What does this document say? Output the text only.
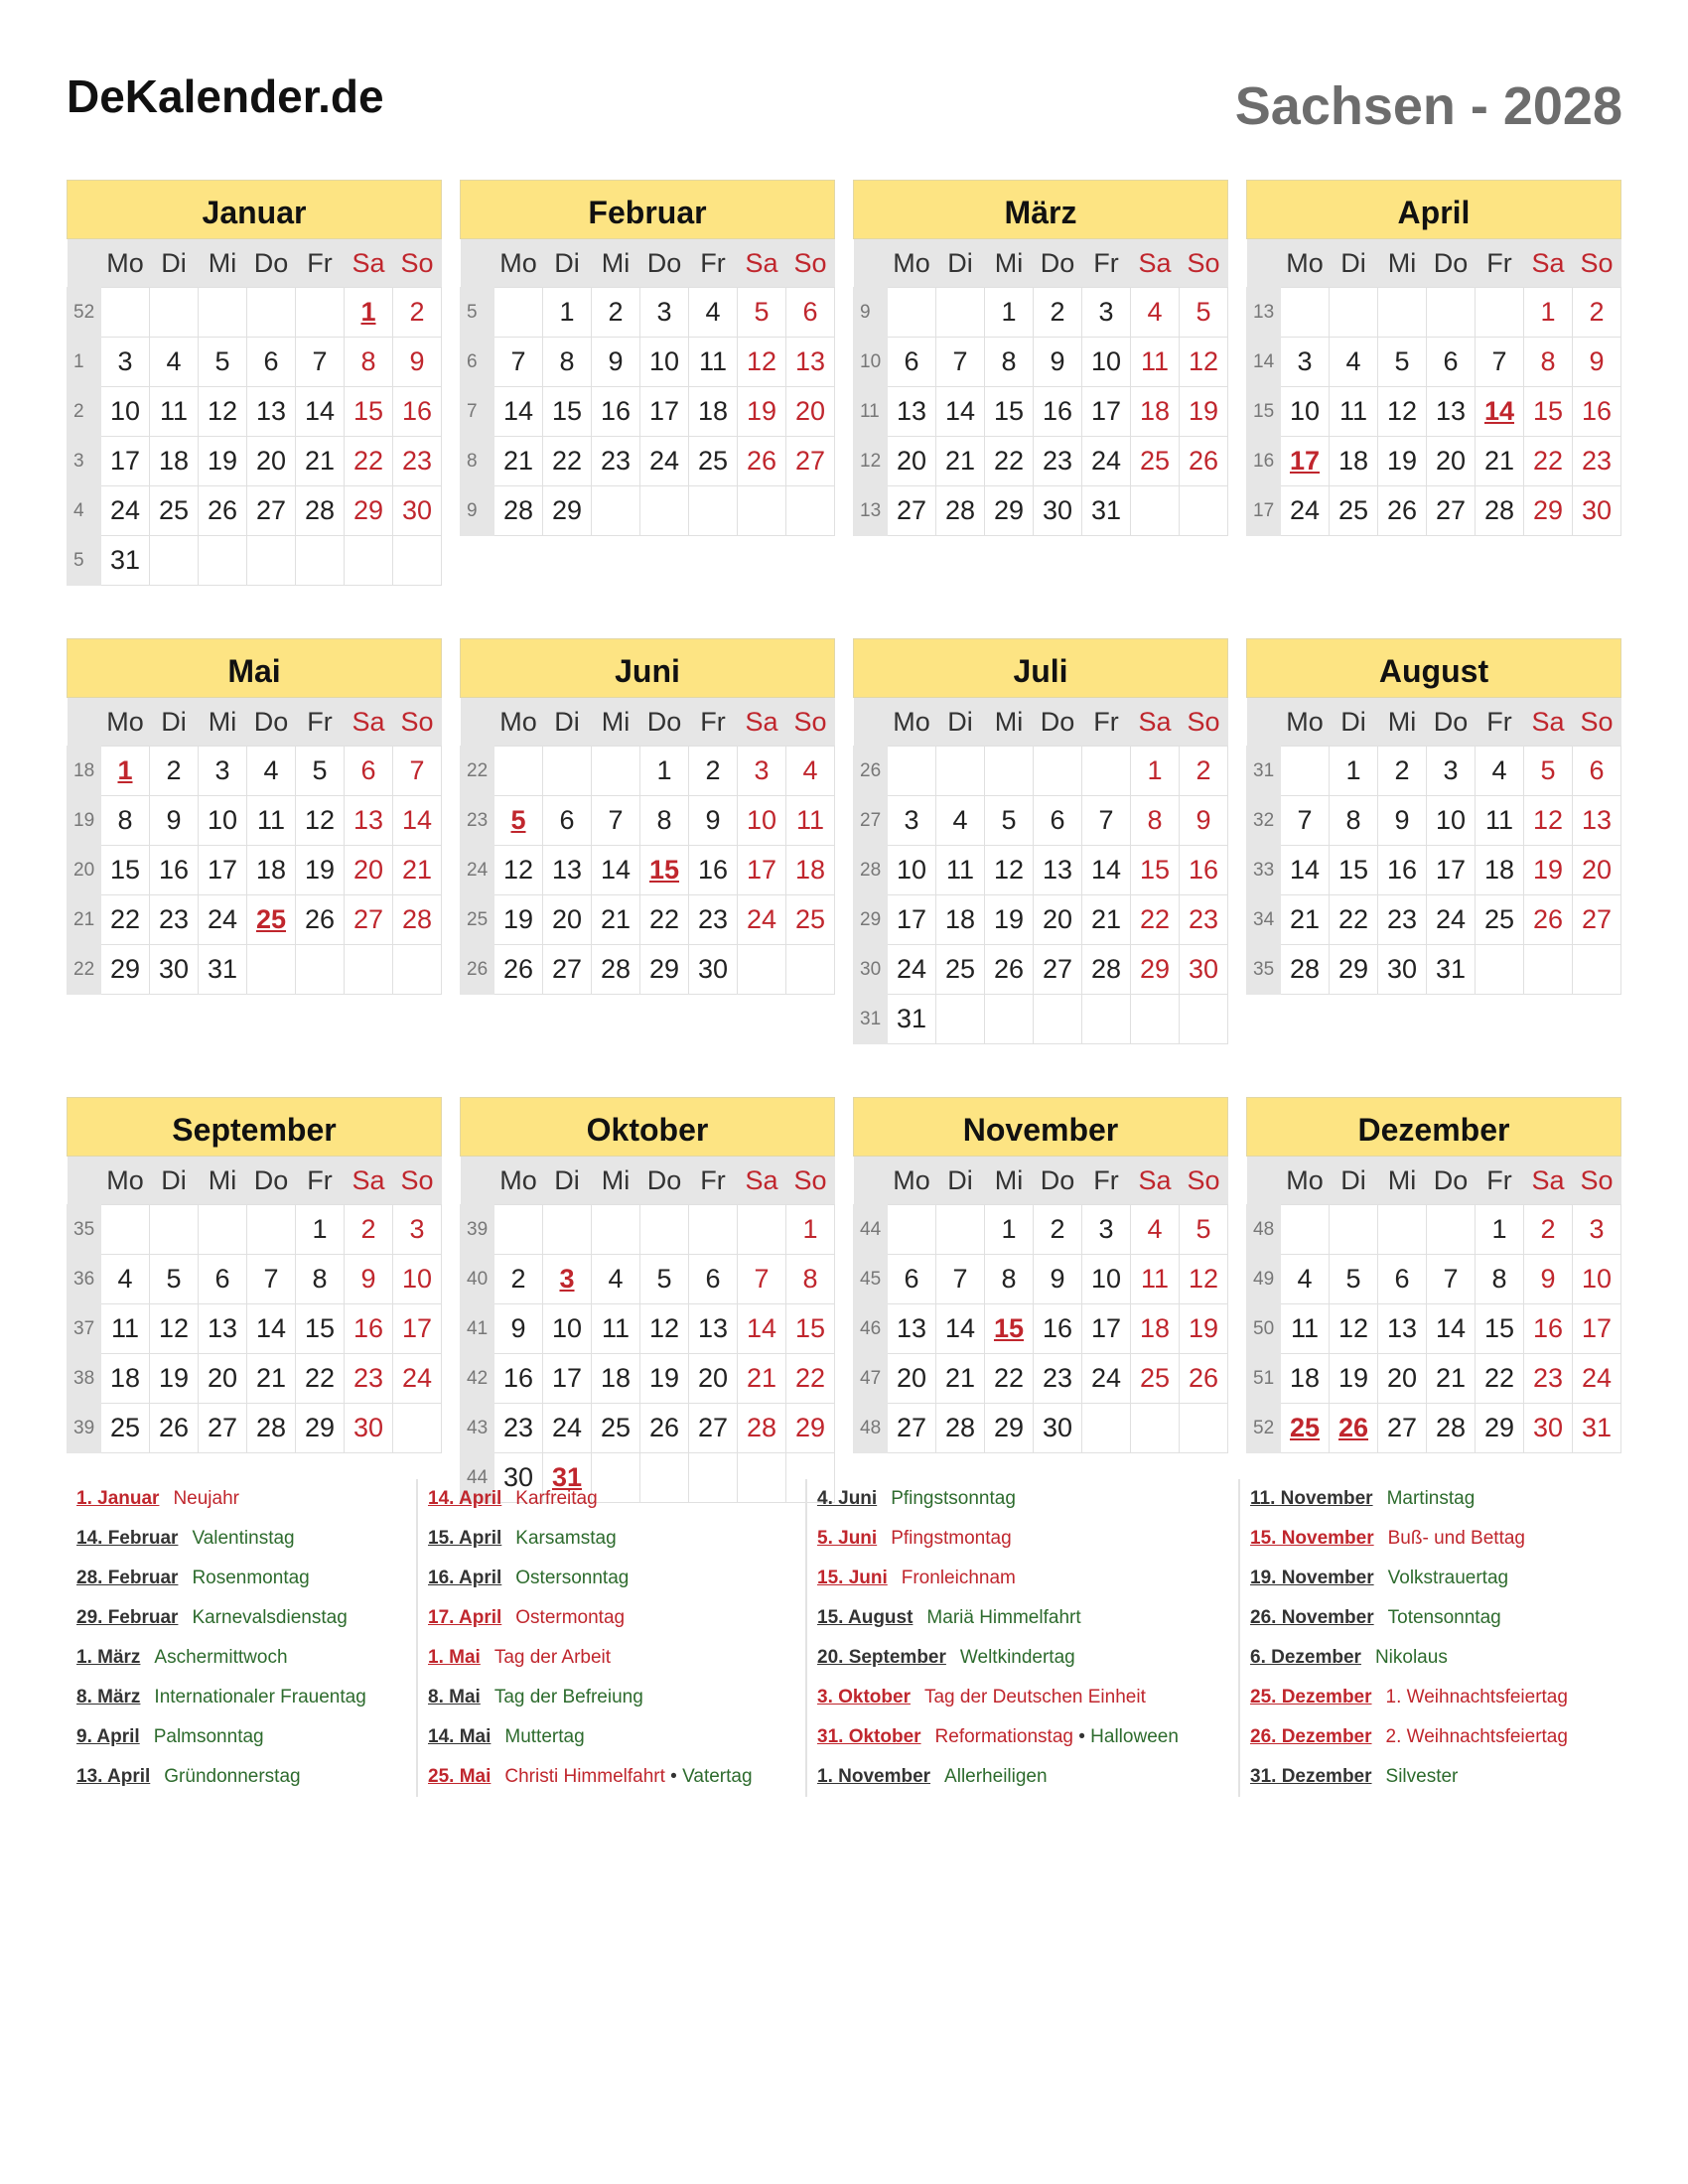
DeKalender.de	Sachsen - 2028
Januar
	Mo	Di	Mi	Do	Fr	Sa	So
52						1	2
1	3	4	5	6	7	8	9
2	10	11	12	13	14	15	16
3	17	18	19	20	21	22	23
4	24	25	26	27	28	29	30
5	31						
Februar
	Mo	Di	Mi	Do	Fr	Sa	So
5		1	2	3	4	5	6
6	7	8	9	10	11	12	13
7	14	15	16	17	18	19	20
8	21	22	23	24	25	26	27
9	28	29					
März
	Mo	Di	Mi	Do	Fr	Sa	So
9			1	2	3	4	5
10	6	7	8	9	10	11	12
11	13	14	15	16	17	18	19
12	20	21	22	23	24	25	26
13	27	28	29	30	31		
April
	Mo	Di	Mi	Do	Fr	Sa	So
13						1	2
14	3	4	5	6	7	8	9
15	10	11	12	13	14	15	16
16	17	18	19	20	21	22	23
17	24	25	26	27	28	29	30
Mai
	Mo	Di	Mi	Do	Fr	Sa	So
18	1	2	3	4	5	6	7
19	8	9	10	11	12	13	14
20	15	16	17	18	19	20	21
21	22	23	24	25	26	27	28
22	29	30	31				
Juni
	Mo	Di	Mi	Do	Fr	Sa	So
22				1	2	3	4
23	5	6	7	8	9	10	11
24	12	13	14	15	16	17	18
25	19	20	21	22	23	24	25
26	26	27	28	29	30		
Juli
	Mo	Di	Mi	Do	Fr	Sa	So
26						1	2
27	3	4	5	6	7	8	9
28	10	11	12	13	14	15	16
29	17	18	19	20	21	22	23
30	24	25	26	27	28	29	30
31	31						
August
	Mo	Di	Mi	Do	Fr	Sa	So
31		1	2	3	4	5	6
32	7	8	9	10	11	12	13
33	14	15	16	17	18	19	20
34	21	22	23	24	25	26	27
35	28	29	30	31			
September
	Mo	Di	Mi	Do	Fr	Sa	So
35					1	2	3
36	4	5	6	7	8	9	10
37	11	12	13	14	15	16	17
38	18	19	20	21	22	23	24
39	25	26	27	28	29	30	
Oktober
	Mo	Di	Mi	Do	Fr	Sa	So
39							1
40	2	3	4	5	6	7	8
41	9	10	11	12	13	14	15
42	16	17	18	19	20	21	22
43	23	24	25	26	27	28	29
44	30	31					
November
	Mo	Di	Mi	Do	Fr	Sa	So
44			1	2	3	4	5
45	6	7	8	9	10	11	12
46	13	14	15	16	17	18	19
47	20	21	22	23	24	25	26
48	27	28	29	30			
Dezember
	Mo	Di	Mi	Do	Fr	Sa	So
48					1	2	3
49	4	5	6	7	8	9	10
50	11	12	13	14	15	16	17
51	18	19	20	21	22	23	24
52	25	26	27	28	29	30	31
1. Januar Neujahr
14. Februar Valentinstag
28. Februar Rosenmontag
29. Februar Karnevalsdienstag
1. März Aschermittwoch
8. März Internationaler Frauentag
9. April Palmsonntag
13. April Gründonnerstag
14. April Karfreitag
15. April Karsamstag
16. April Ostersonntag
17. April Ostermontag
1. Mai Tag der Arbeit
8. Mai Tag der Befreiung
14. Mai Muttertag
25. Mai Christi Himmelfahrt • Vatertag
4. Juni Pfingstsonntag
5. Juni Pfingstmontag
15. Juni Fronleichnam
15. August Mariä Himmelfahrt
20. September Weltkindertag
3. Oktober Tag der Deutschen Einheit
31. Oktober Reformationstag • Halloween
1. November Allerheiligen
11. November Martinstag
15. November Buß- und Bettag
19. November Volkstrauertag
26. November Totensonntag
6. Dezember Nikolaus
25. Dezember 1. Weihnachtsfeiertag
26. Dezember 2. Weihnachtsfeiertag
31. Dezember Silvester
